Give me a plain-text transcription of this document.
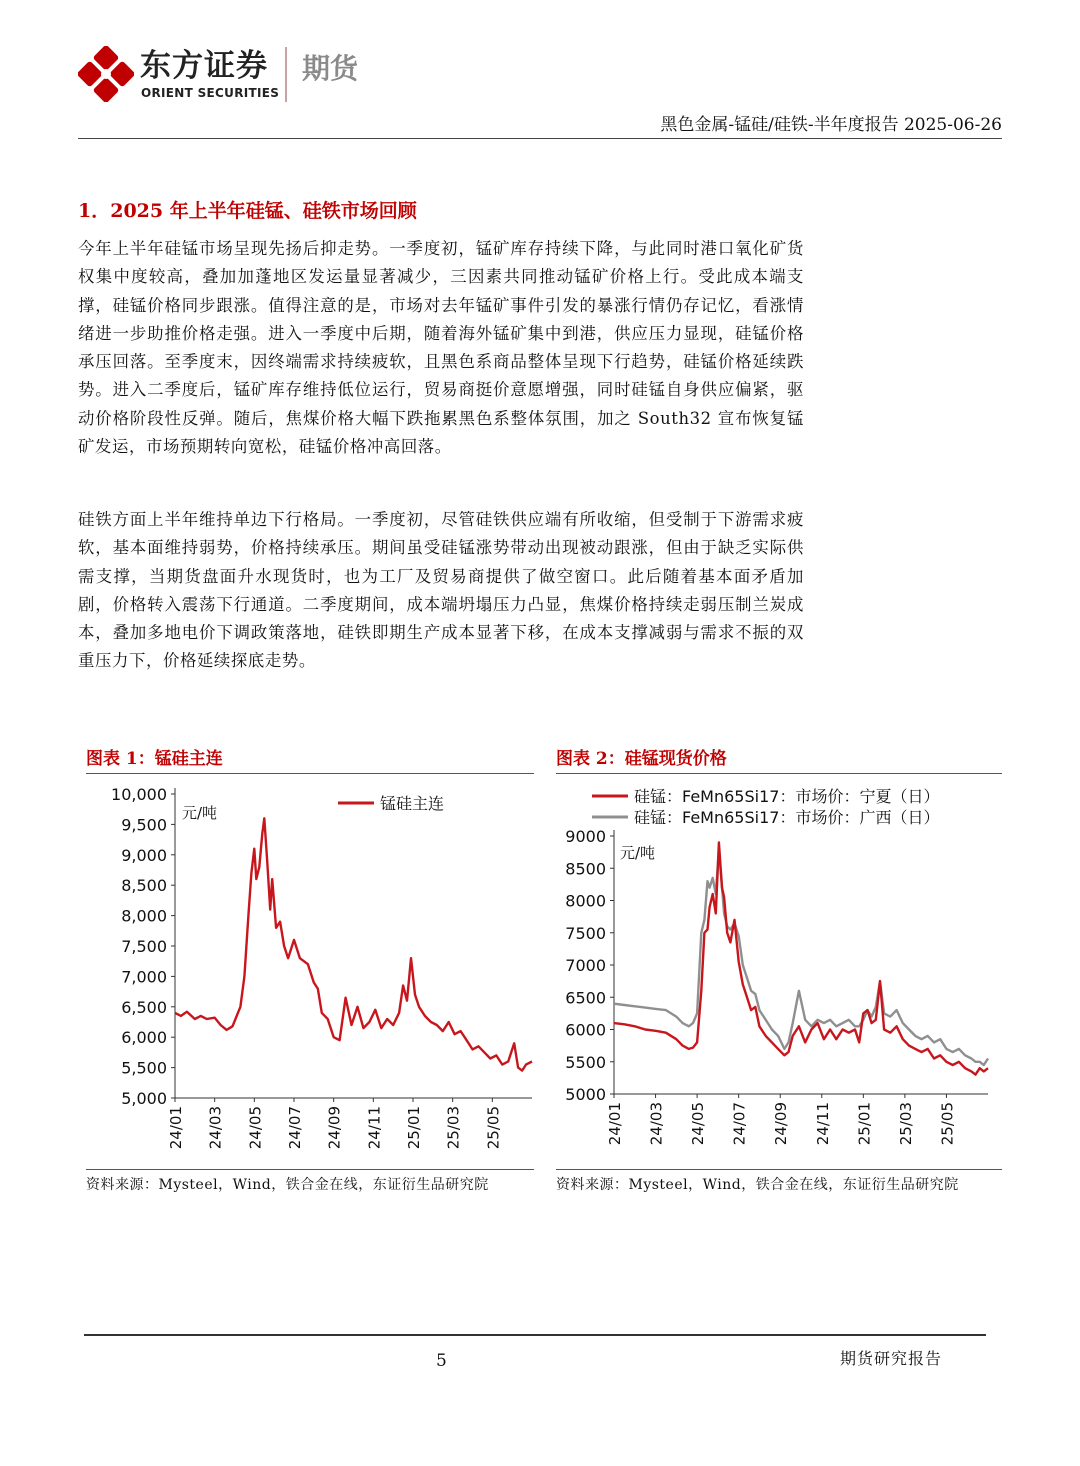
东方证券
ORIENT SECURITIES
期货
黑色金属-锰硅/硅铁-半年度报告 2025-06-26
1．2025 年上半年硅锰、硅铁市场回顾

今年上半年硅锰市场呈现先扬后抑走势。一季度初，锰矿库存持续下降，与此同时港口氧化矿货权集中度较高，叠加加蓬地区发运量显著减少，三因素共同推动锰矿价格上行。受此成本端支撑，硅锰价格同步跟涨。值得注意的是，市场对去年锰矿事件引发的暴涨行情仍存记忆，看涨情绪进一步助推价格走强。进入一季度中后期，随着海外锰矿集中到港，供应压力显现，硅锰价格承压回落。至季度末，因终端需求持续疲软，且黑色系商品整体呈现下行趋势，硅锰价格延续跌势。进入二季度后，锰矿库存维持低位运行，贸易商挺价意愿增强，同时硅锰自身供应偏紧，驱动价格阶段性反弹。随后，焦煤价格大幅下跌拖累黑色系整体氛围，加之 South32 宣布恢复锰矿发运，市场预期转向宽松，硅锰价格冲高回落。

硅铁方面上半年维持单边下行格局。一季度初，尽管硅铁供应端有所收缩，但受制于下游需求疲软，基本面维持弱势，价格持续承压。期间虽受硅锰涨势带动出现被动跟涨，但由于缺乏实际供需支撑，当期货盘面升水现货时，也为工厂及贸易商提供了做空窗口。此后随着基本面矛盾加剧，价格转入震荡下行通道。二季度期间，成本端坍塌压力凸显，焦煤价格持续走弱压制兰炭成本，叠加多地电价下调政策落地，硅铁即期生产成本显著下移，在成本支撑减弱与需求不振的双重压力下，价格延续探底走势。

图表 1：锰硅主连
5,000
5,500
6,000
6,500
7,000
7,500
8,000
8,500
9,000
9,500
10,000
24/01 24/03 24/05 24/07 24/09 24/11 25/01 25/03 25/05
元/吨	锰硅主连
资料来源：Mysteel，Wind，铁合金在线，东证衍生品研究院
图表 2：硅锰现货价格
5000
5500
6000
6500
7000
7500
8000
8500
9000
24/01 24/03 24/05 24/07 24/09 24/11 25/01 25/03 25/05
元/吨
硅锰：FeMn65Si17：市场价：宁夏（日）
硅锰：FeMn65Si17：市场价：广西（日）
资料来源：Mysteel，Wind，铁合金在线，东证衍生品研究院
5	期货研究报告
